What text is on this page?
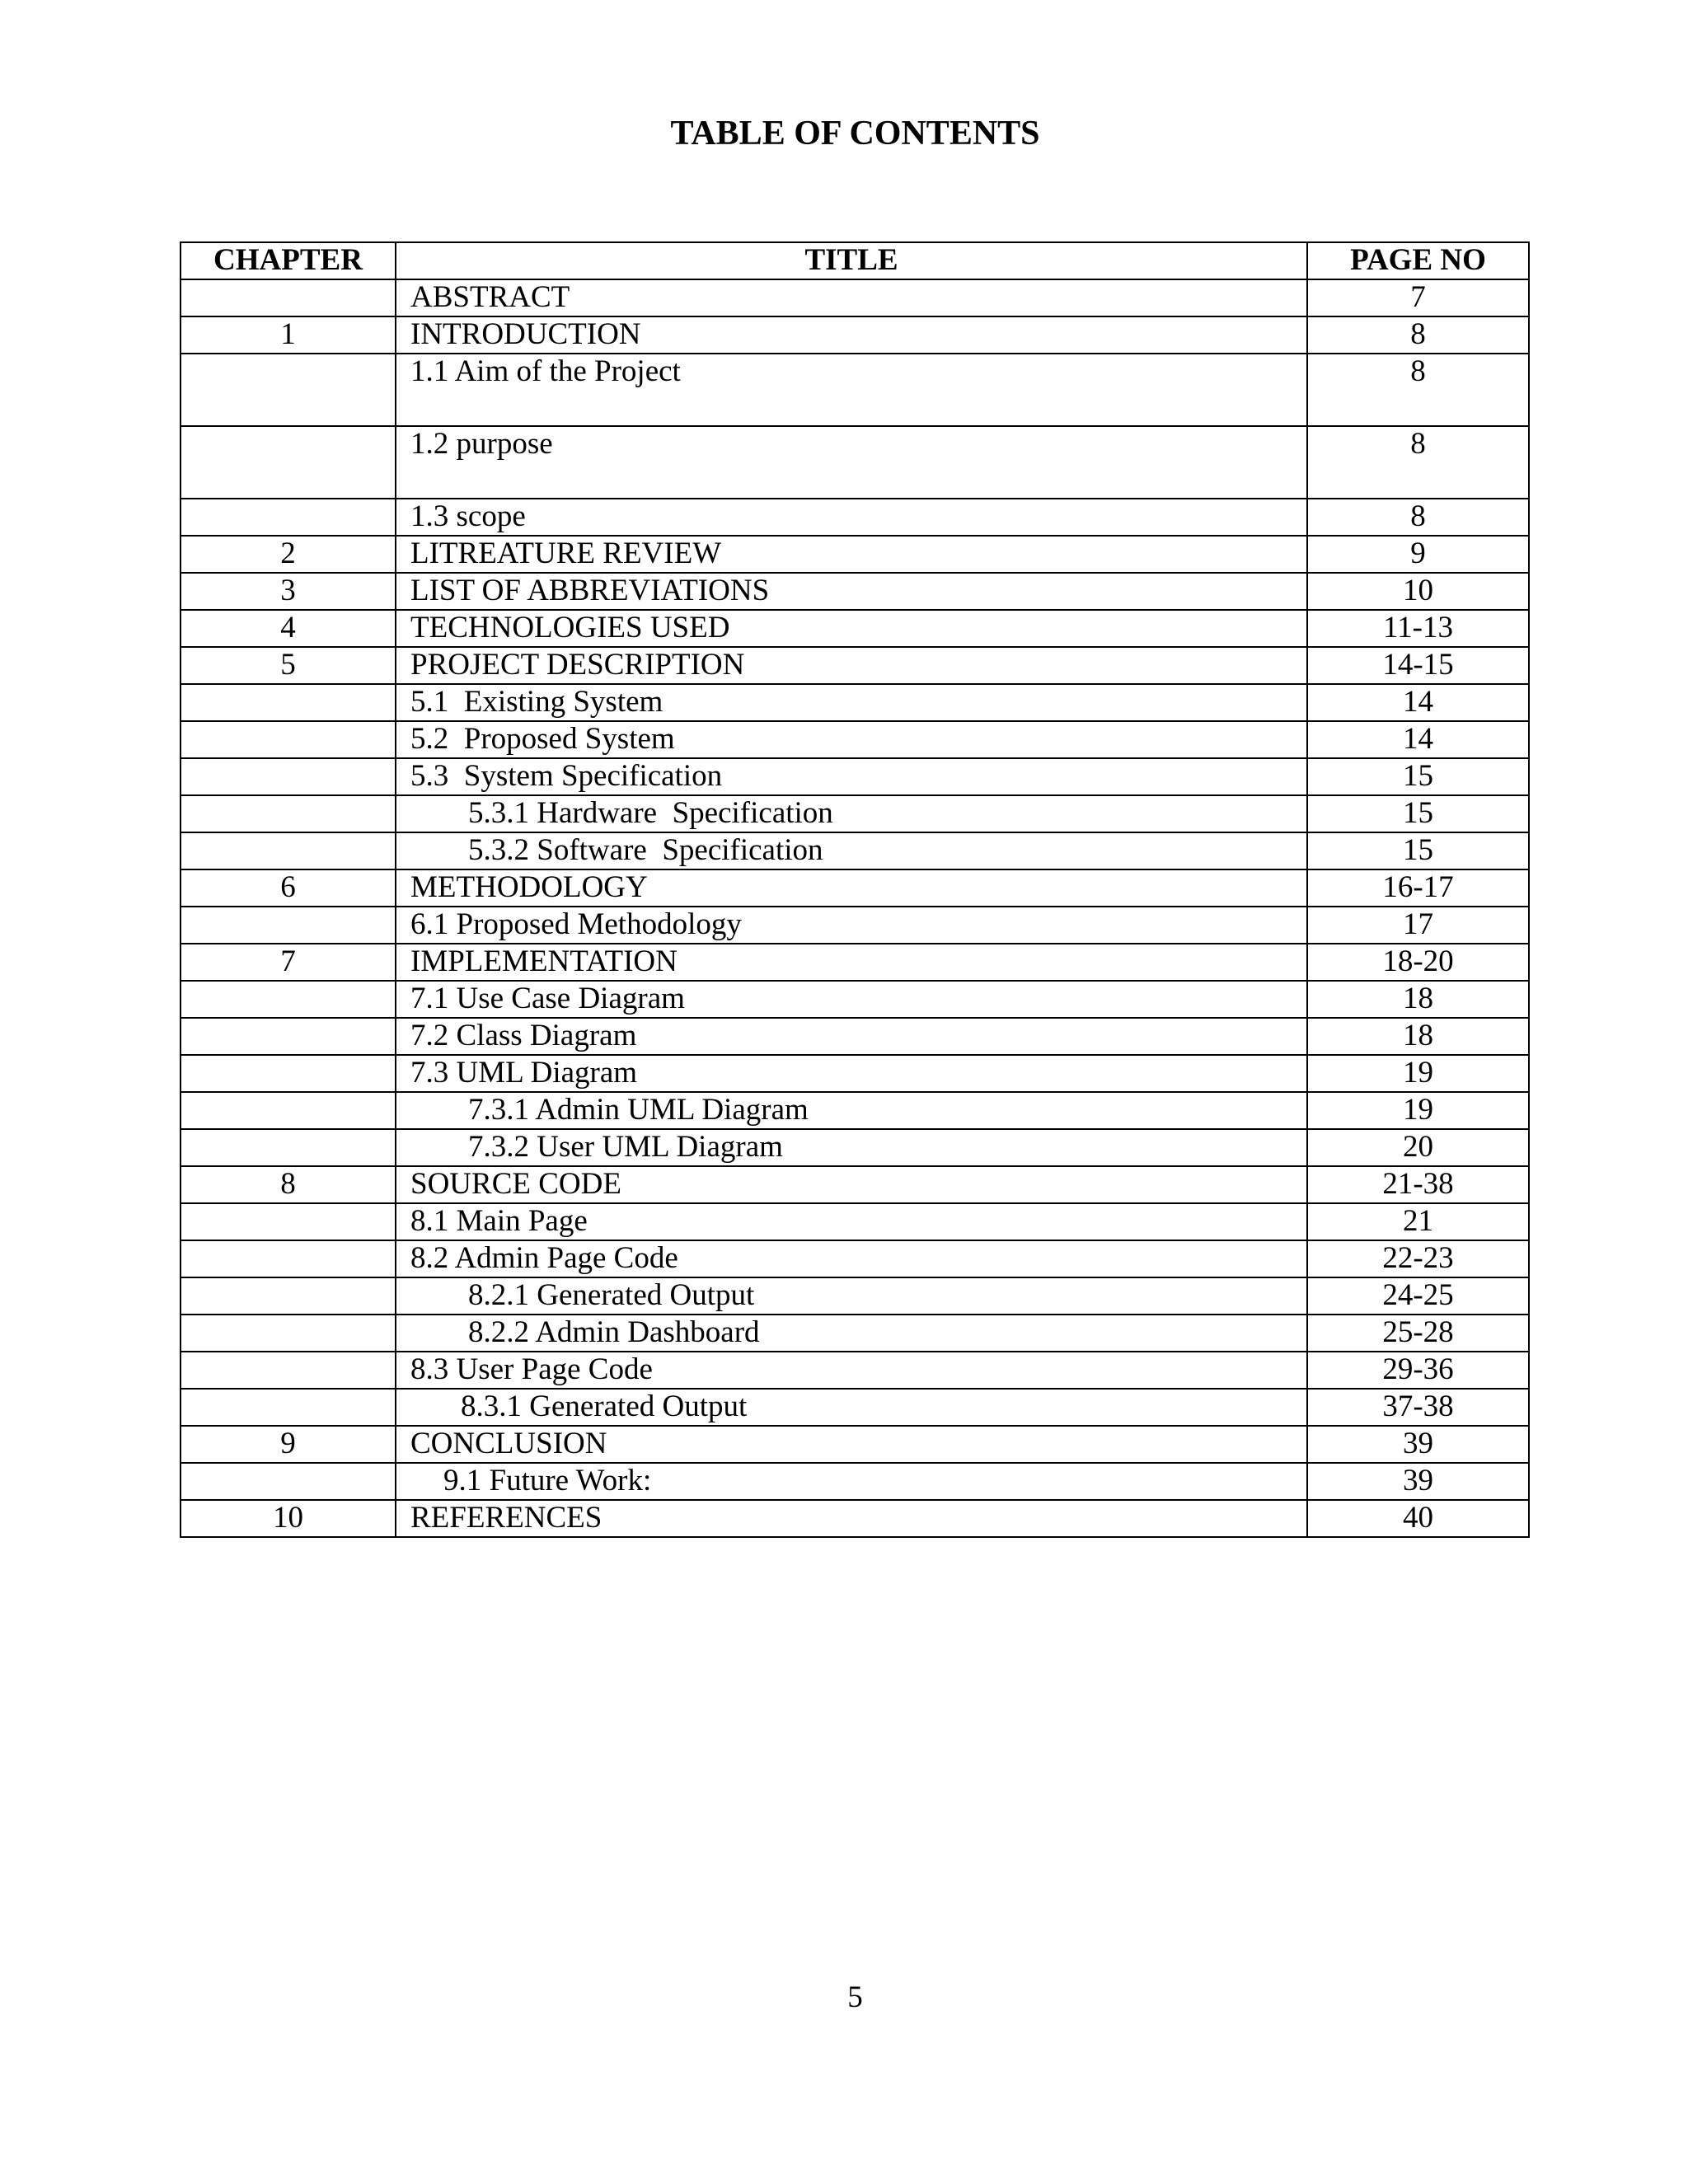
TABLE OF CONTENTS
CHAPTER	TITLE	PAGE NO
	ABSTRACT	7
1	INTRODUCTION	8
	1.1 Aim of the Project	8
	1.2 purpose	8
	1.3 scope	8
2	LITREATURE REVIEW	9
3	LIST OF ABBREVIATIONS	10
4	TECHNOLOGIES USED	11-13
5	PROJECT DESCRIPTION	14-15
	5.1  Existing System	14
	5.2  Proposed System	14
	5.3  System Specification	15
	5.3.1 Hardware  Specification	15
	5.3.2 Software  Specification	15
6	METHODOLOGY	16-17
	6.1 Proposed Methodology	17
7	IMPLEMENTATION	18-20
	7.1 Use Case Diagram	18
	7.2 Class Diagram	18
	7.3 UML Diagram	19
	7.3.1 Admin UML Diagram	19
	7.3.2 User UML Diagram	20
8	SOURCE CODE	21-38
	8.1 Main Page	21
	8.2 Admin Page Code	22-23
	8.2.1 Generated Output	24-25
	8.2.2 Admin Dashboard	25-28
	8.3 User Page Code	29-36
	8.3.1 Generated Output	37-38
9	CONCLUSION	39
	9.1 Future Work:	39
10	REFERENCES	40
5
